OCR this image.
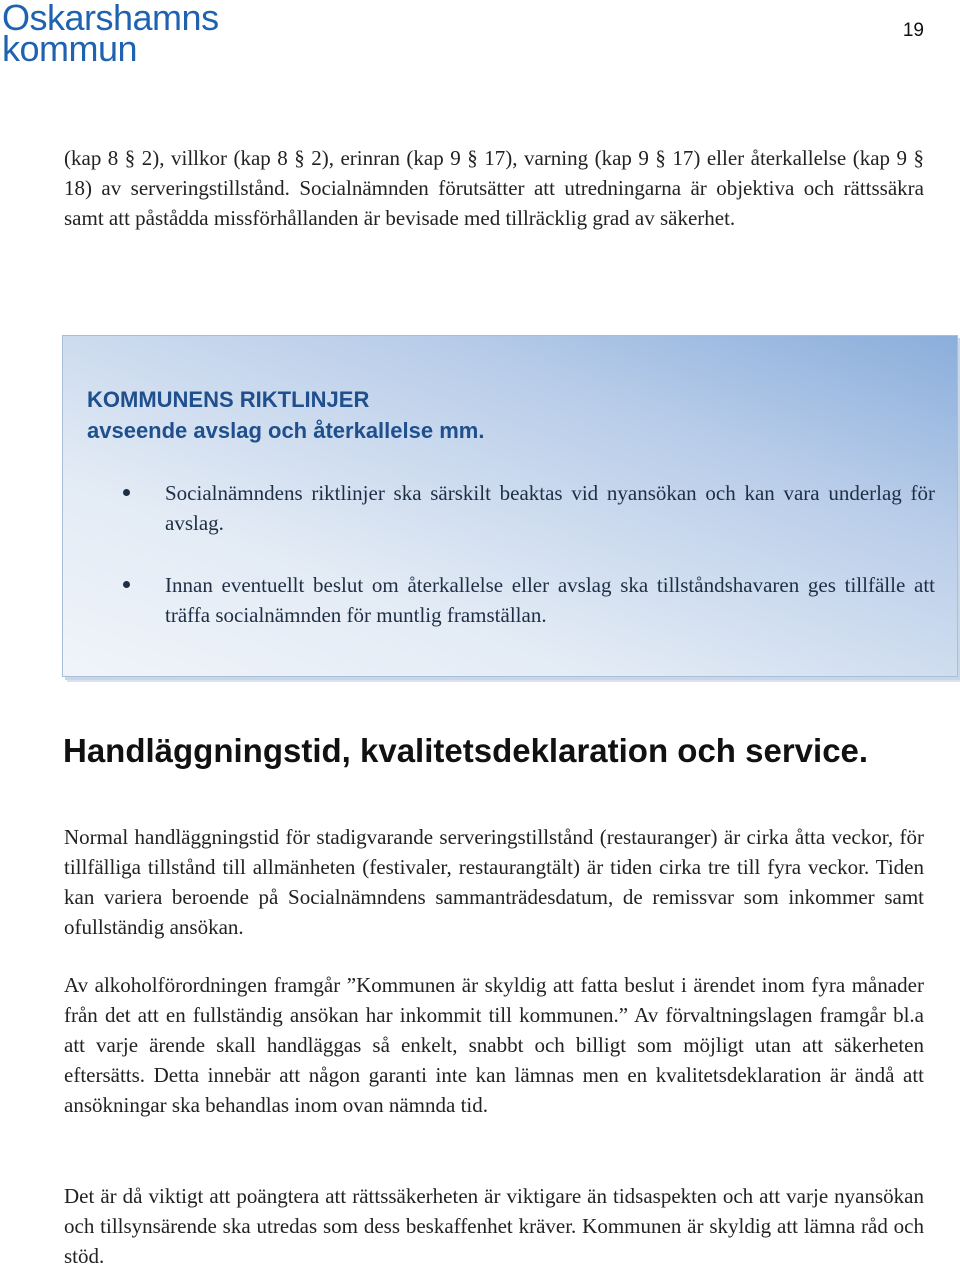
Oskarshamns
kommun	19

(kap 8 § 2), villkor (kap 8 § 2), erinran (kap 9 § 17), varning (kap 9 § 17) eller återkallelse (kap 9 § 18) av serveringstillstånd. Socialnämnden förutsätter att utredningarna är objektiva och rättssäkra samt att påstådda missförhållanden är bevisade med tillräcklig grad av säkerhet.

KOMMUNENS RIKTLINJER
avseende avslag och återkallelse mm.
Socialnämndens riktlinjer ska särskilt beaktas vid nyansökan och kan vara underlag för avslag.
Innan eventuellt beslut om återkallelse eller avslag ska tillståndshavaren ges tillfälle att träffa socialnämnden för muntlig framställan.
Handläggningstid, kvalitetsdeklaration och service.

Normal handläggningstid för stadigvarande serveringstillstånd (restauranger) är cirka åtta veckor, för tillfälliga tillstånd till allmänheten (festivaler, restaurangtält) är tiden cirka tre till fyra veckor. Tiden kan variera beroende på Socialnämndens sammanträdesdatum, de remissvar som inkommer samt ofullständig ansökan.

Av alkoholförordningen framgår ”Kommunen är skyldig att fatta beslut i ärendet inom fyra månader från det att en fullständig ansökan har inkommit till kommunen.” Av förvaltningslagen framgår bl.a att varje ärende skall handläggas så enkelt, snabbt och billigt som möjligt utan att säkerheten eftersätts. Detta innebär att någon garanti inte kan lämnas men en kvalitetsdeklaration är ändå att ansökningar ska behandlas inom ovan nämnda tid.

Det är då viktigt att poängtera att rättssäkerheten är viktigare än tidsaspekten och att varje nyansökan och tillsynsärende ska utredas som dess beskaffenhet kräver. Kommunen är skyldig att lämna råd och stöd.
